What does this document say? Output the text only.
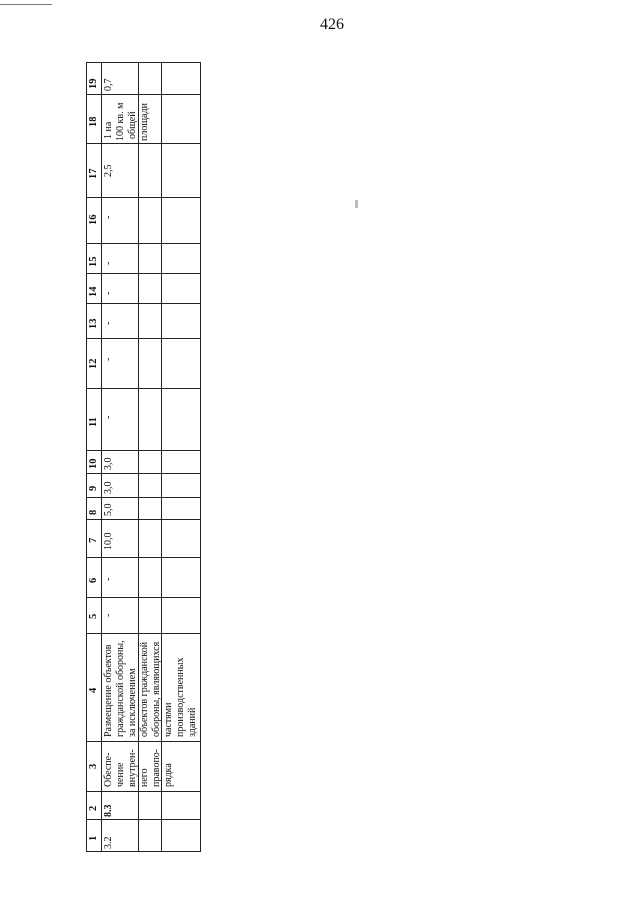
426
19
18
17
16
15
14
13
12
11
10
9
8
7
6
5
4
3
2
1
0,7
1 на 100 кв. м общей площади
2,5
-
-
-
-
-
-
3,0
3,0
5,0
10,0
-
-
Размещение объектов гражданской обороны, за исключением объектов гражданской обороны, являющихся частями производственных зданий
Обеспе- чение внутрен- него правопо- рядка
8.3
3.2
